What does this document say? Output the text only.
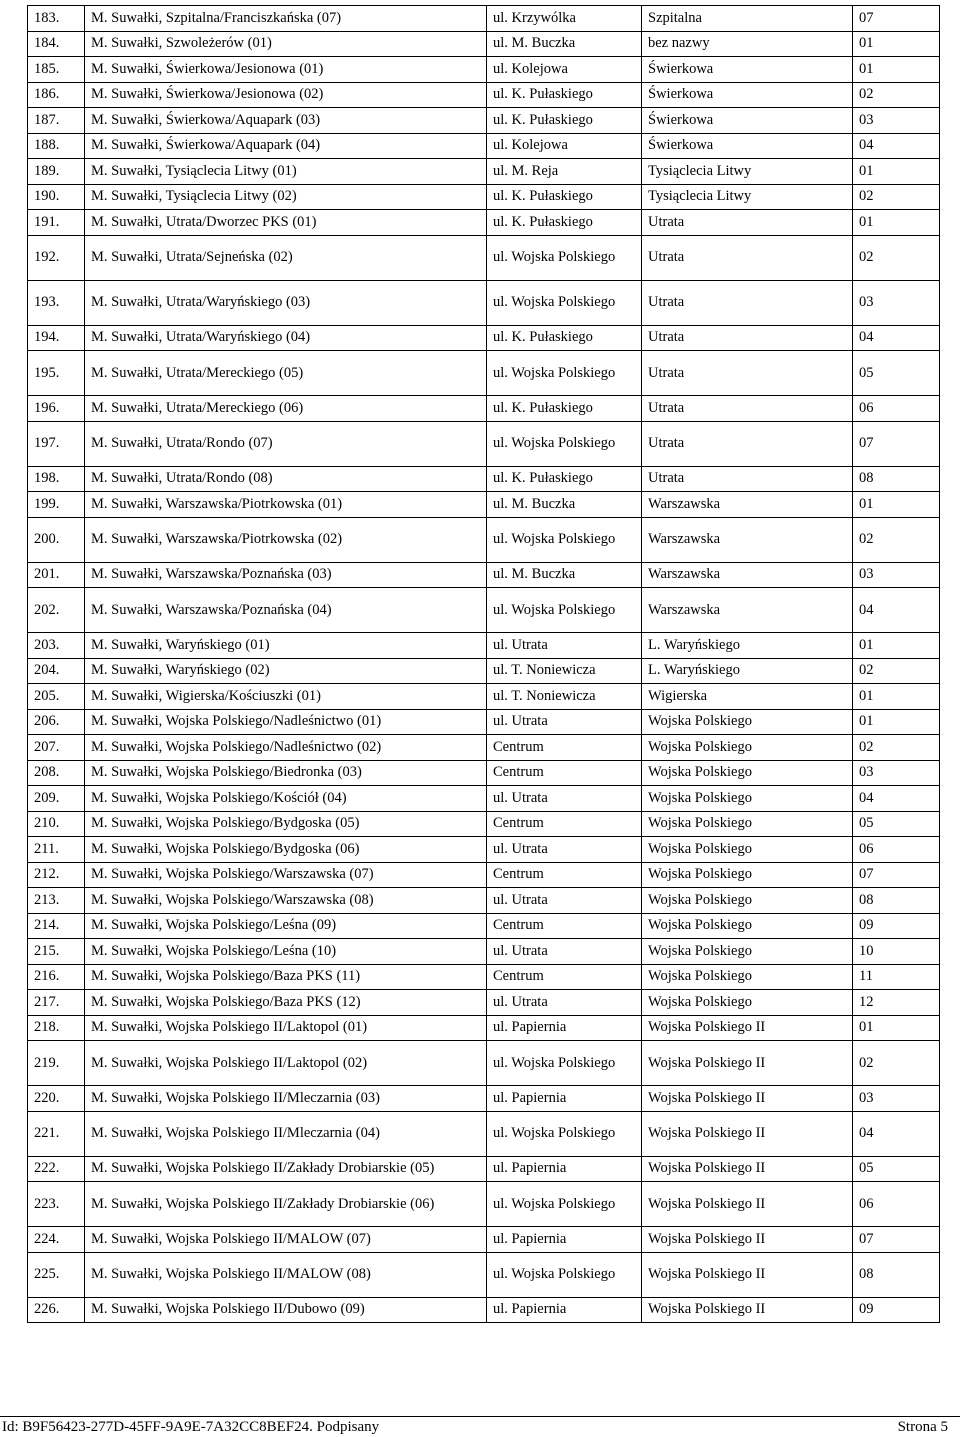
183.	M. Suwałki, Szpitalna/Franciszkańska (07)	ul. Krzywólka	Szpitalna	07
184.	M. Suwałki, Szwoleżerów (01)	ul. M. Buczka	bez nazwy	01
185.	M. Suwałki, Świerkowa/Jesionowa (01)	ul. Kolejowa	Świerkowa	01
186.	M. Suwałki, Świerkowa/Jesionowa (02)	ul. K. Pułaskiego	Świerkowa	02
187.	M. Suwałki, Świerkowa/Aquapark (03)	ul. K. Pułaskiego	Świerkowa	03
188.	M. Suwałki, Świerkowa/Aquapark (04)	ul. Kolejowa	Świerkowa	04
189.	M. Suwałki, Tysiąclecia Litwy (01)	ul. M. Reja	Tysiąclecia Litwy	01
190.	M. Suwałki, Tysiąclecia Litwy (02)	ul. K. Pułaskiego	Tysiąclecia Litwy	02
191.	M. Suwałki, Utrata/Dworzec PKS (01)	ul. K. Pułaskiego	Utrata	01
192.	M. Suwałki, Utrata/Sejneńska (02)	ul. Wojska Polskiego	Utrata	02
193.	M. Suwałki, Utrata/Waryńskiego (03)	ul. Wojska Polskiego	Utrata	03
194.	M. Suwałki, Utrata/Waryńskiego (04)	ul. K. Pułaskiego	Utrata	04
195.	M. Suwałki, Utrata/Mereckiego (05)	ul. Wojska Polskiego	Utrata	05
196.	M. Suwałki, Utrata/Mereckiego (06)	ul. K. Pułaskiego	Utrata	06
197.	M. Suwałki, Utrata/Rondo (07)	ul. Wojska Polskiego	Utrata	07
198.	M. Suwałki, Utrata/Rondo (08)	ul. K. Pułaskiego	Utrata	08
199.	M. Suwałki, Warszawska/Piotrkowska (01)	ul. M. Buczka	Warszawska	01
200.	M. Suwałki, Warszawska/Piotrkowska (02)	ul. Wojska Polskiego	Warszawska	02
201.	M. Suwałki, Warszawska/Poznańska (03)	ul. M. Buczka	Warszawska	03
202.	M. Suwałki, Warszawska/Poznańska (04)	ul. Wojska Polskiego	Warszawska	04
203.	M. Suwałki, Waryńskiego (01)	ul. Utrata	L. Waryńskiego	01
204.	M. Suwałki, Waryńskiego (02)	ul. T. Noniewicza	L. Waryńskiego	02
205.	M. Suwałki, Wigierska/Kościuszki (01)	ul. T. Noniewicza	Wigierska	01
206.	M. Suwałki, Wojska Polskiego/Nadleśnictwo (01)	ul. Utrata	Wojska Polskiego	01
207.	M. Suwałki, Wojska Polskiego/Nadleśnictwo (02)	Centrum	Wojska Polskiego	02
208.	M. Suwałki, Wojska Polskiego/Biedronka (03)	Centrum	Wojska Polskiego	03
209.	M. Suwałki, Wojska Polskiego/Kościół (04)	ul. Utrata	Wojska Polskiego	04
210.	M. Suwałki, Wojska Polskiego/Bydgoska (05)	Centrum	Wojska Polskiego	05
211.	M. Suwałki, Wojska Polskiego/Bydgoska (06)	ul. Utrata	Wojska Polskiego	06
212.	M. Suwałki, Wojska Polskiego/Warszawska (07)	Centrum	Wojska Polskiego	07
213.	M. Suwałki, Wojska Polskiego/Warszawska (08)	ul. Utrata	Wojska Polskiego	08
214.	M. Suwałki, Wojska Polskiego/Leśna (09)	Centrum	Wojska Polskiego	09
215.	M. Suwałki, Wojska Polskiego/Leśna (10)	ul. Utrata	Wojska Polskiego	10
216.	M. Suwałki, Wojska Polskiego/Baza PKS (11)	Centrum	Wojska Polskiego	11
217.	M. Suwałki, Wojska Polskiego/Baza PKS (12)	ul. Utrata	Wojska Polskiego	12
218.	M. Suwałki, Wojska Polskiego II/Laktopol (01)	ul. Papiernia	Wojska Polskiego II	01
219.	M. Suwałki, Wojska Polskiego II/Laktopol (02)	ul. Wojska Polskiego	Wojska Polskiego II	02
220.	M. Suwałki, Wojska Polskiego II/Mleczarnia (03)	ul. Papiernia	Wojska Polskiego II	03
221.	M. Suwałki, Wojska Polskiego II/Mleczarnia (04)	ul. Wojska Polskiego	Wojska Polskiego II	04
222.	M. Suwałki, Wojska Polskiego II/Zakłady Drobiarskie (05)	ul. Papiernia	Wojska Polskiego II	05
223.	M. Suwałki, Wojska Polskiego II/Zakłady Drobiarskie (06)	ul. Wojska Polskiego	Wojska Polskiego II	06
224.	M. Suwałki, Wojska Polskiego II/MALOW (07)	ul. Papiernia	Wojska Polskiego II	07
225.	M. Suwałki, Wojska Polskiego II/MALOW (08)	ul. Wojska Polskiego	Wojska Polskiego II	08
226.	M. Suwałki, Wojska Polskiego II/Dubowo (09)	ul. Papiernia	Wojska Polskiego II	09
Id: B9F56423-277D-45FF-9A9E-7A32CC8BEF24. Podpisany	Strona 5
